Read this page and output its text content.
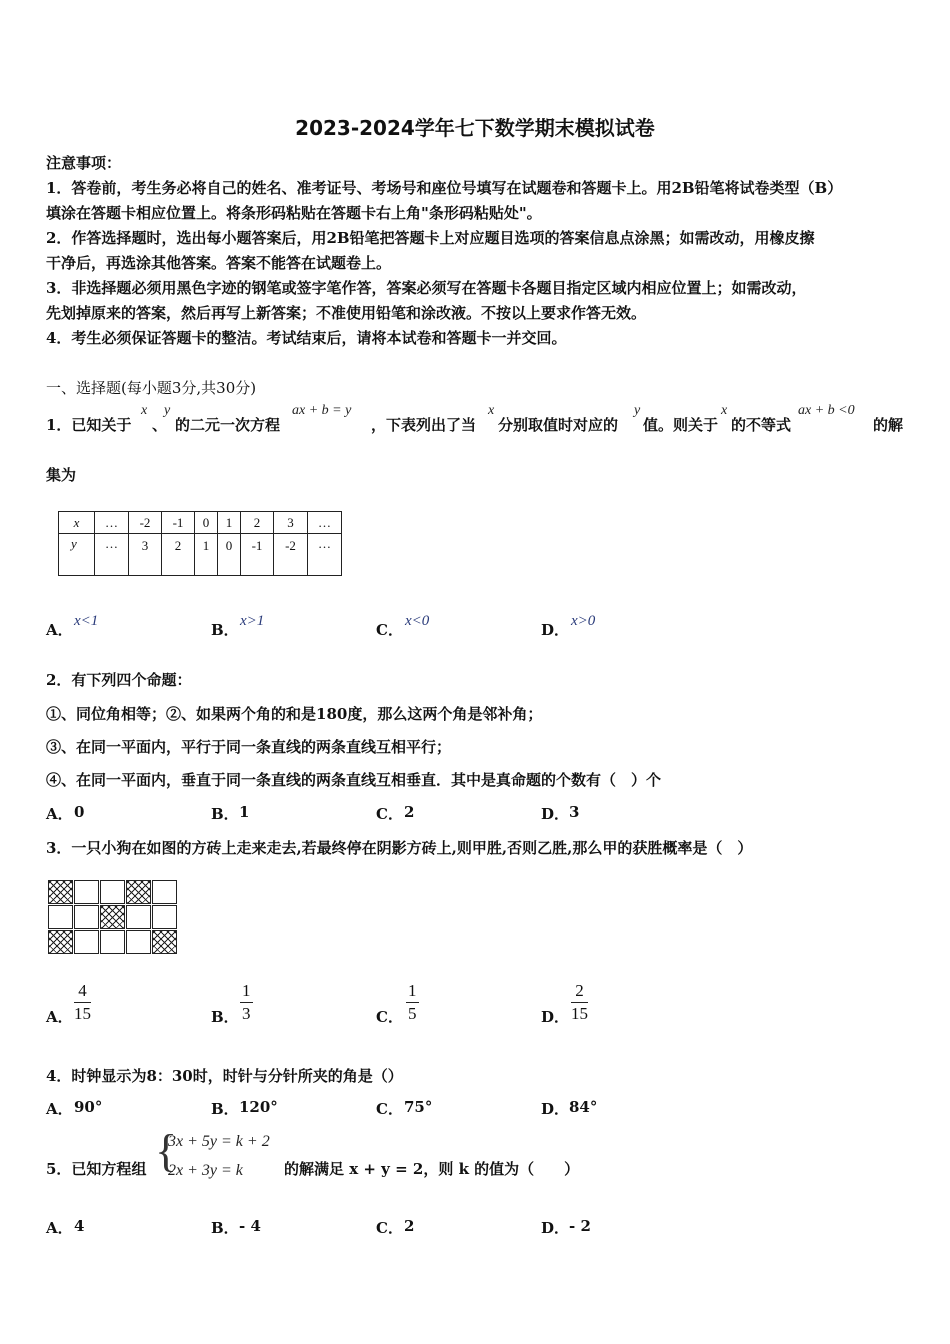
2023-2024学年七下数学期末模拟试卷
注意事项：
1．答卷前，考生务必将自己的姓名、准考证号、考场号和座位号填写在试题卷和答题卡上。用2B铅笔将试卷类型（B）
填涂在答题卡相应位置上。将条形码粘贴在答题卡右上角"条形码粘贴处"。
2．作答选择题时，选出每小题答案后，用2B铅笔把答题卡上对应题目选项的答案信息点涂黑；如需改动，用橡皮擦
干净后，再选涂其他答案。答案不能答在试题卷上。
3．非选择题必须用黑色字迹的钢笔或签字笔作答，答案必须写在答题卡各题目指定区域内相应位置上；如需改动，
先划掉原来的答案，然后再写上新答案；不准使用铅笔和涂改液。不按以上要求作答无效。
4．考生必须保证答题卡的整洁。考试结束后，请将本试卷和答题卡一并交回。
一、选择题(每小题3分,共30分)
1．已知关于
x
、
y
的二元一次方程
ax + b = y
，下表列出了当
x
分别取值时对应的
y
值。则关于
x
的不等式
ax + b <0
的解
集为
x	…	-2	-1	0	1	2	3	…
y	…	3	2	1	0	-1	-2	…
A． x<1	B． x>1	C． x<0	D． x>0
2．有下列四个命题：
①、同位角相等；②、如果两个角的和是180度，那么这两个角是邻补角；
③、在同一平面内，平行于同一条直线的两条直线互相平行；
④、在同一平面内，垂直于同一条直线的两条直线互相垂直．其中是真命题的个数有（　）个
A． 0	B． 1	C． 2	D． 3
3．一只小狗在如图的方砖上走来走去,若最终停在阴影方砖上,则甲胜,否则乙胜,那么甲的获胜概率是（　）
A． $\frac{4}{15}$	B． $\frac{1}{3}$	C． $\frac{1}{5}$	D． $\frac{2}{15}$
4．时钟显示为8：30时，时针与分针所夹的角是（）
A． 90°	B． 120°	C． 75°	D． 84°
5．已知方程组 {
3x + 5y = k + 2
2x + 3y = k	的解满足 x + y = 2，则 k 的值为（　　）
A． 4	B． - 4	C． 2	D． - 2
